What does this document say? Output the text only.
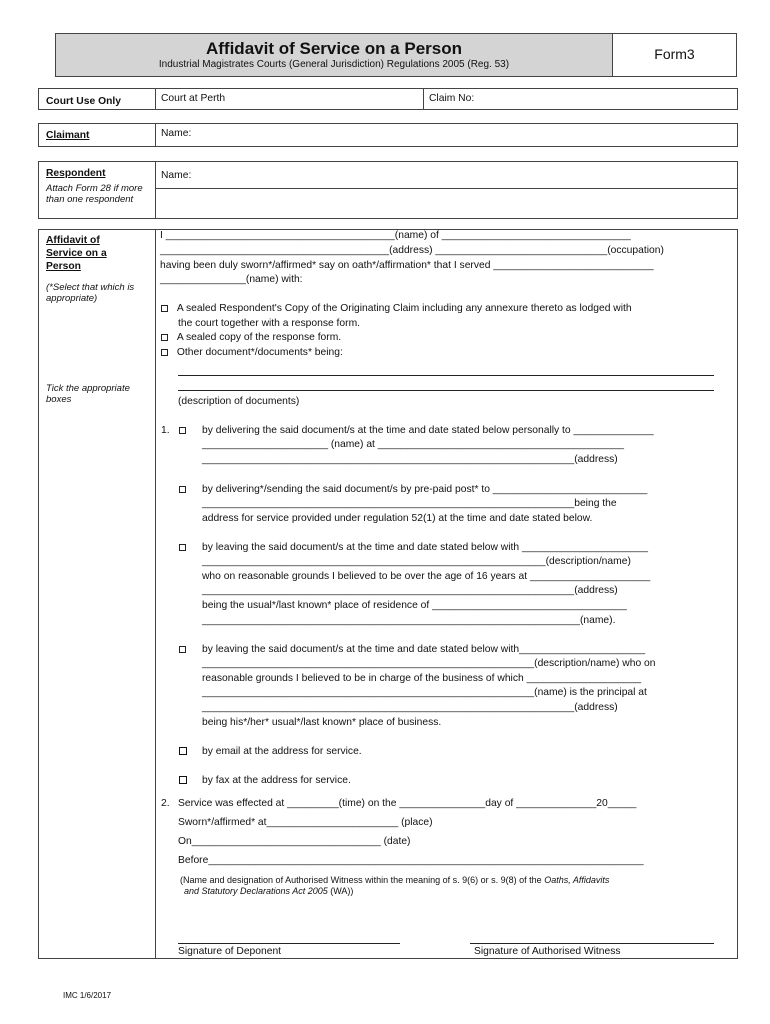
Affidavit of Service on a Person
Industrial Magistrates Courts (General Jurisdiction) Regulations 2005 (Reg. 53)
Form3
Court Use Only	Court at Perth	Claim No:
Claimant	Name:
Respondent
Attach Form 28 if more than one respondent
Name:
Affidavit of Service on a Person
(*Select that which is appropriate)
Tick the appropriate boxes
I ________________________________________(name) of _________________________________
________________________________________(address) ______________________________(occupation)
having been duly sworn*/affirmed* say on oath*/affirmation* that I served ____________________________
_______________(name) with:
A sealed Respondent's Copy of the Originating Claim including any annexure thereto as lodged with
the court together with a response form.
A sealed copy of the response form.
Other document*/documents* being:
(description of documents)
1.	by delivering the said document/s at the time and date stated below personally to ______________
______________________ (name) at ___________________________________________
_________________________________________________________________(address)
by delivering*/sending the said document/s by pre-paid post* to ___________________________
_________________________________________________________________being the
address for service provided under regulation 52(1) at the time and date stated below.
by leaving the said document/s at the time and date stated below with ______________________
____________________________________________________________(description/name)
who on reasonable grounds I believed to be over the age of 16 years at _____________________
_________________________________________________________________(address)
being the usual*/last known* place of residence of __________________________________
__________________________________________________________________(name).
by leaving the said document/s at the time and date stated below with______________________
__________________________________________________________(description/name) who on
reasonable grounds I believed to be in charge of the business of which ____________________
__________________________________________________________(name) is the principal at
_________________________________________________________________(address)
being his*/her* usual*/last known* place of business.
by email at the address for service.
by fax at the address for service.
2. Service was effected at _________(time) on the _______________day of ______________20_____
Sworn*/affirmed* at_______________________ (place)
On_________________________________ (date)
Before____________________________________________________________________________
(Name and designation of Authorised Witness within the meaning of s. 9(6) or s. 9(8) of the Oaths, Affidavits
and Statutory Declarations Act 2005 (WA))
Signature of Deponent	Signature of Authorised Witness
IMC 1/6/2017
